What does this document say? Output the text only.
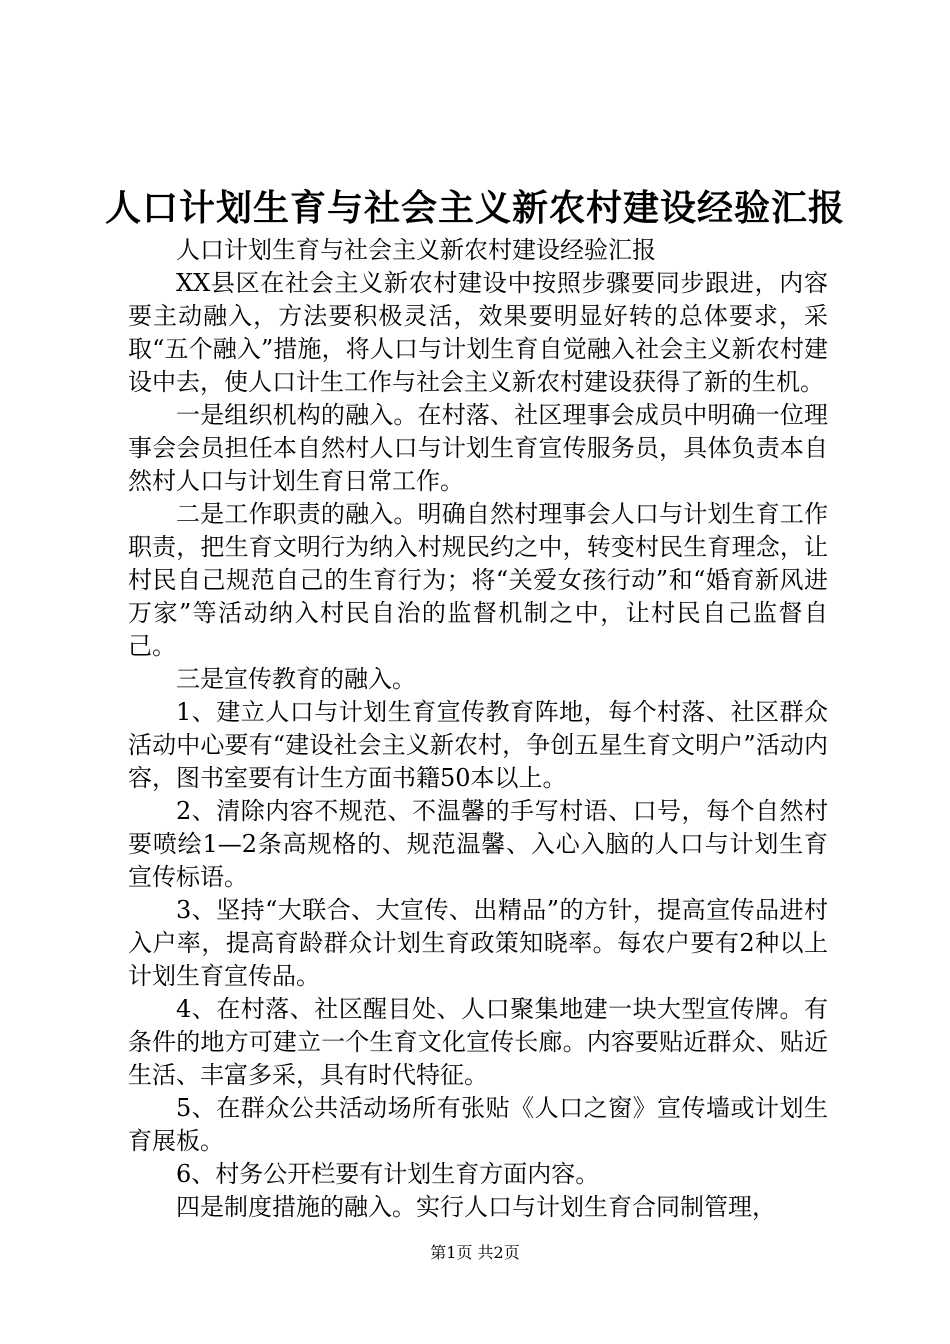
人口计划生育与社会主义新农村建设经验汇报

人口计划生育与社会主义新农村建设经验汇报

XX县区在社会主义新农村建设中按照步骤要同步跟进，内容要主动融入，方法要积极灵活，效果要明显好转的总体要求，采取“五个融入”措施，将人口与计划生育自觉融入社会主义新农村建设中去，使人口计生工作与社会主义新农村建设获得了新的生机。

一是组织机构的融入。在村落、社区理事会成员中明确一位理事会会员担任本自然村人口与计划生育宣传服务员，具体负责本自然村人口与计划生育日常工作。

二是工作职责的融入。明确自然村理事会人口与计划生育工作职责，把生育文明行为纳入村规民约之中，转变村民生育理念，让村民自己规范自己的生育行为；将“关爱女孩行动”和“婚育新风进万家”等活动纳入村民自治的监督机制之中，让村民自己监督自己。

三是宣传教育的融入。

1、建立人口与计划生育宣传教育阵地，每个村落、社区群众活动中心要有“建设社会主义新农村，争创五星生育文明户”活动内容，图书室要有计生方面书籍50本以上。

2、清除内容不规范、不温馨的手写村语、口号，每个自然村要喷绘1—2条高规格的、规范温馨、入心入脑的人口与计划生育宣传标语。

3、坚持“大联合、大宣传、出精品”的方针，提高宣传品进村入户率，提高育龄群众计划生育政策知晓率。每农户要有2种以上计划生育宣传品。

4、在村落、社区醒目处、人口聚集地建一块大型宣传牌。有条件的地方可建立一个生育文化宣传长廊。内容要贴近群众、贴近生活、丰富多采，具有时代特征。

5、在群众公共活动场所有张贴《人口之窗》宣传墙或计划生育展板。

6、村务公开栏要有计划生育方面内容。

四是制度措施的融入。实行人口与计划生育合同制管理，

第1页 共2页
